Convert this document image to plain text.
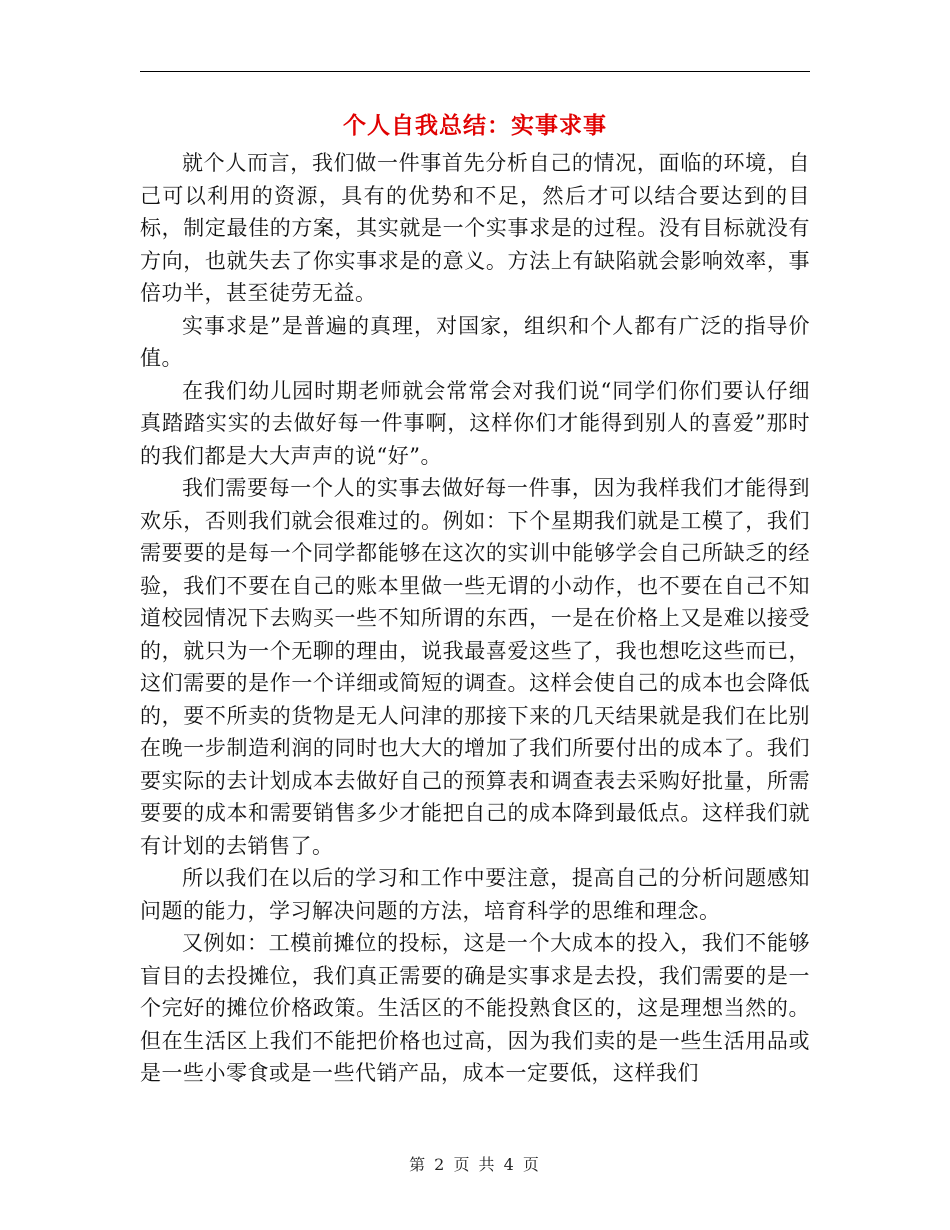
个人自我总结：实事求事

就个人而言，我们做一件事首先分析自己的情况，面临的环境，自己可以利用的资源，具有的优势和不足，然后才可以结合要达到的目标，制定最佳的方案，其实就是一个实事求是的过程。没有目标就没有方向，也就失去了你实事求是的意义。方法上有缺陷就会影响效率，事倍功半，甚至徒劳无益。

实事求是”是普遍的真理，对国家，组织和个人都有广泛的指导价值。

在我们幼儿园时期老师就会常常会对我们说“同学们你们要认仔细真踏踏实实的去做好每一件事啊，这样你们才能得到别人的喜爱”那时的我们都是大大声声的说“好”。

我们需要每一个人的实事去做好每一件事，因为我样我们才能得到欢乐，否则我们就会很难过的。例如：下个星期我们就是工模了，我们需要要的是每一个同学都能够在这次的实训中能够学会自己所缺乏的经验，我们不要在自己的账本里做一些无谓的小动作，也不要在自己不知道校园情况下去购买一些不知所谓的东西，一是在价格上又是难以接受的，就只为一个无聊的理由，说我最喜爱这些了，我也想吃这些而已，这们需要的是作一个详细或简短的调查。这样会使自己的成本也会降低的，要不所卖的货物是无人问津的那接下来的几天结果就是我们在比别在晚一步制造利润的同时也大大的增加了我们所要付出的成本了。我们要实际的去计划成本去做好自己的预算表和调查表去采购好批量，所需要要的成本和需要销售多少才能把自己的成本降到最低点。这样我们就有计划的去销售了。

所以我们在以后的学习和工作中要注意，提高自己的分析问题感知问题的能力，学习解决问题的方法，培育科学的思维和理念。

又例如：工模前摊位的投标，这是一个大成本的投入，我们不能够盲目的去投摊位，我们真正需要的确是实事求是去投，我们需要的是一个完好的摊位价格政策。生活区的不能投熟食区的，这是理想当然的。但在生活区上我们不能把价格也过高，因为我们卖的是一些生活用品或是一些小零食或是一些代销产品，成本一定要低，这样我们

第 2 页 共 4 页
